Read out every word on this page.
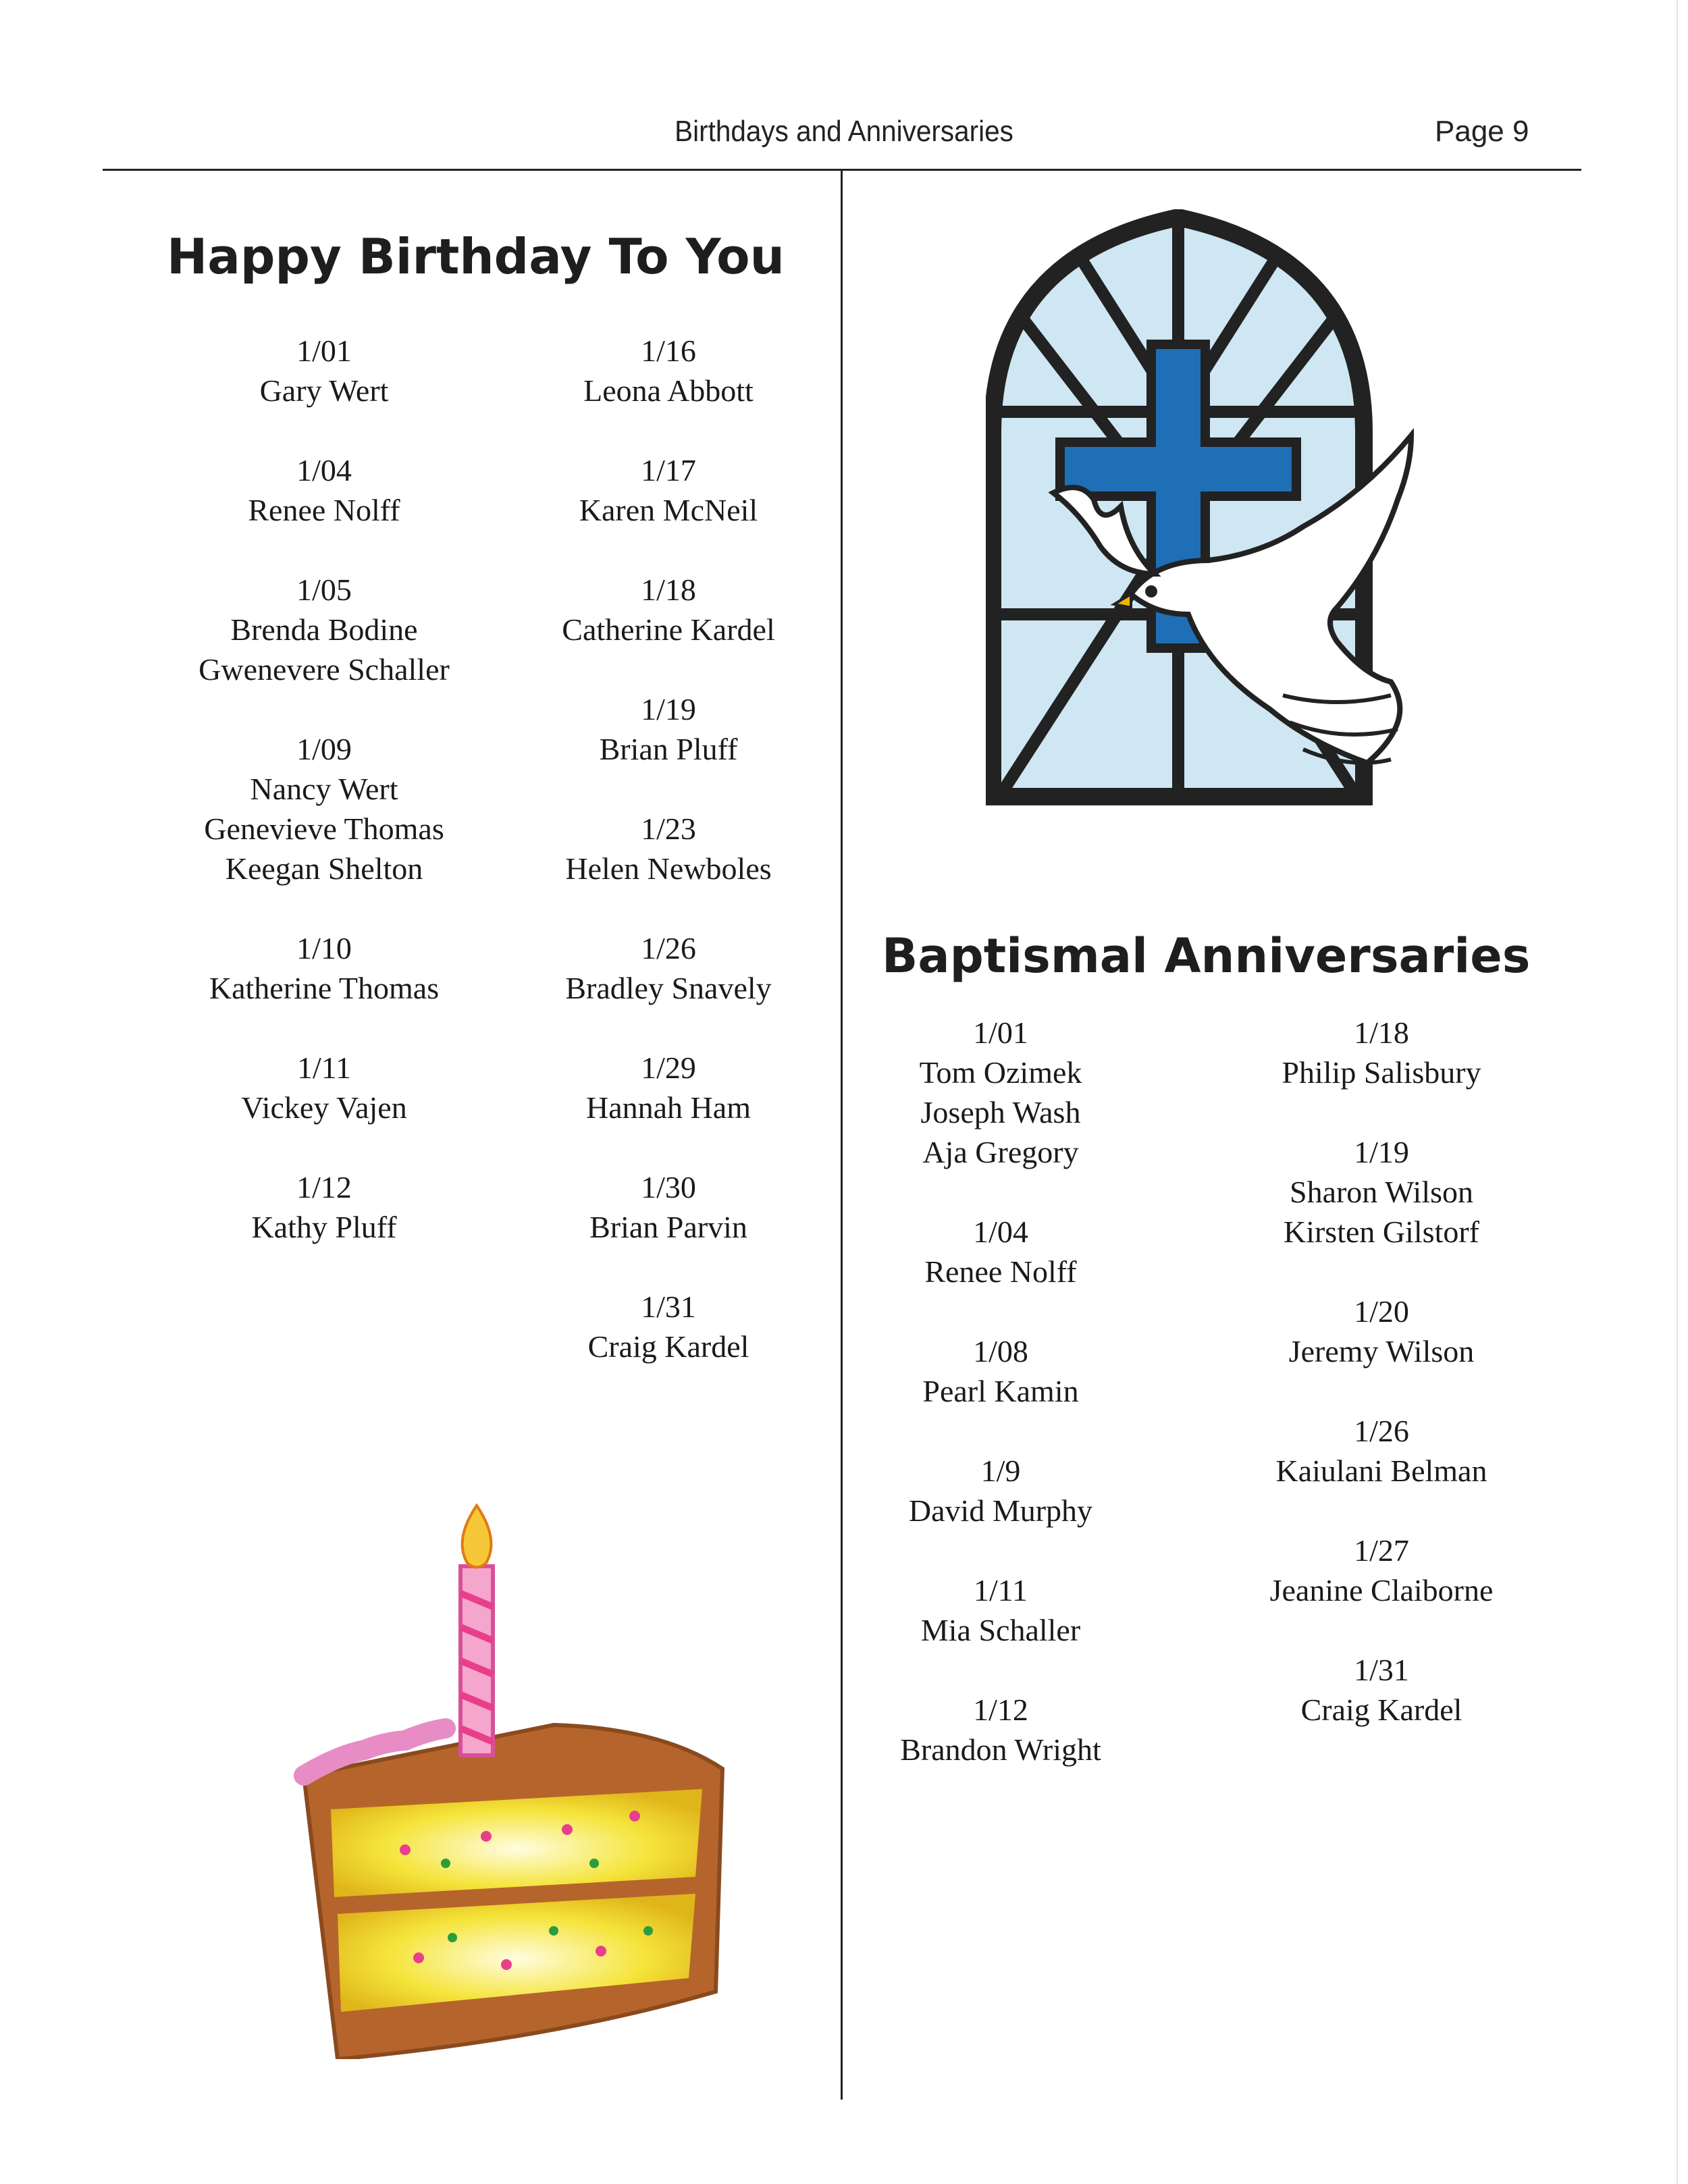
Birthdays and Anniversaries	Page 9
Happy Birthday To You
1/01
Gary Wert
1/04
Renee Nolff
1/05
Brenda Bodine
Gwenevere Schaller
1/09
Nancy Wert
Genevieve Thomas
Keegan Shelton
1/10
Katherine Thomas
1/11
Vickey Vajen
1/12
Kathy Pluff
1/16
Leona Abbott
1/17
Karen McNeil
1/18
Catherine Kardel
1/19
Brian Pluff
1/23
Helen Newboles
1/26
Bradley Snavely
1/29
Hannah Ham
1/30
Brian Parvin
1/31
Craig Kardel
Baptismal Anniversaries
1/01
Tom Ozimek
Joseph Wash
Aja Gregory
1/04
Renee Nolff
1/08
Pearl Kamin
1/9
David Murphy
1/11
Mia Schaller
1/12
Brandon Wright
1/18
Philip Salisbury
1/19
Sharon Wilson
Kirsten Gilstorf
1/20
Jeremy Wilson
1/26
Kaiulani Belman
1/27
Jeanine Claiborne
1/31
Craig Kardel
